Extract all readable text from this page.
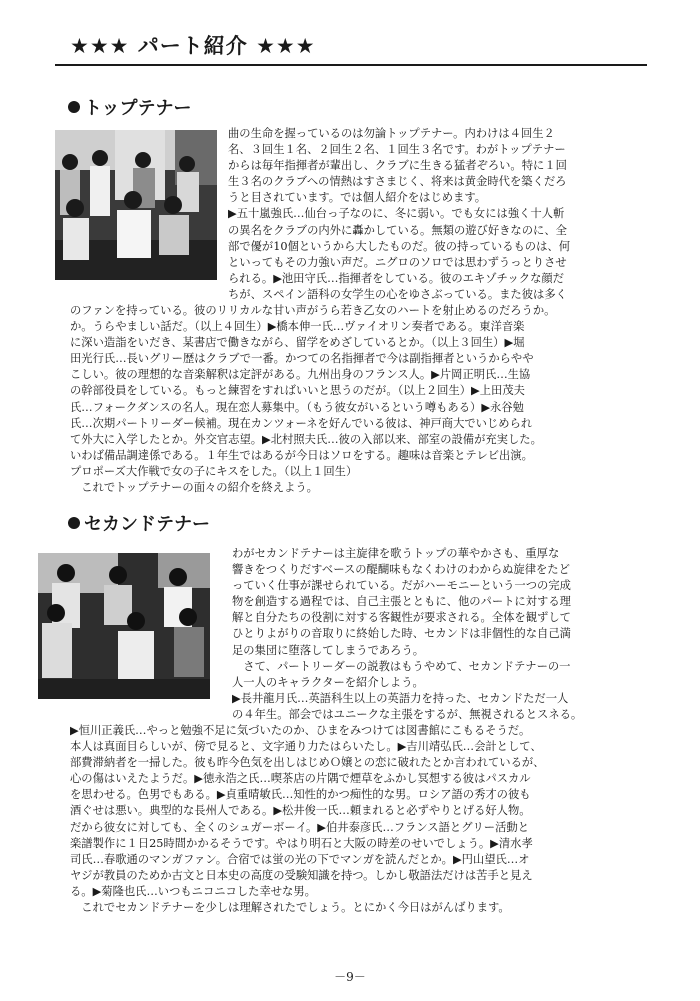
★★★ パート紹介 ★★★
トップテナー
曲の生命を握っているのは勿論トップテナー。内わけは４回生２
名、３回生１名、２回生２名、１回生３名です。わがトップテナー
からは毎年指揮者が輩出し、クラブに生きる猛者ぞろい。特に１回
生３名のクラブへの情熱はすさまじく、将来は黄金時代を築くだろ
うと目されています。では個人紹介をはじめます。
▶五十嵐強氏…仙台っ子なのに、冬に弱い。でも女には強く十人斬
の異名をクラブの内外に轟かしている。無類の遊び好きなのに、全
部で優が10個というから大したものだ。彼の持っているものは、何
といってもその力強い声だ。ニグロのソロでは思わずうっとりさせ
られる。▶池田守氏…指揮者をしている。彼のエキゾチックな顔だ
ちが、スペイン語科の女学生の心をゆさぶっている。また彼は多く
のファンを持っている。彼のリリカルな甘い声がうら若き乙女のハートを射止めるのだろうか。
か。うらやましい話だ。（以上４回生）▶橋本伸一氏…ヴァイオリン奏者である。東洋音楽
に深い造詣をいだき、某書店で働きながら、留学をめざしているとか。（以上３回生）▶堀
田光行氏…長いグリー歴はクラブで一番。かつての名指揮者で今は副指揮者というからやや
こしい。彼の理想的な音楽解釈は定評がある。九州出身のフランス人。▶片岡正明氏…生協
の幹部役員をしている。もっと練習をすればいいと思うのだが。（以上２回生）▶上田茂夫
氏…フォークダンスの名人。現在恋人募集中。（もう彼女がいるという噂もある）▶永谷勉
氏…次期パートリーダー候補。現在カンツォーネを好んでいる彼は、神戸商大でいじめられ
て外大に入学したとか。外交官志望。▶北村照夫氏…彼の入部以来、部室の設備が充実した。
いわば備品調達係である。１年生ではあるが今日はソロをする。趣味は音楽とテレビ出演。
プロポーズ大作戦で女の子にキスをした。（以上１回生）
　これでトップテナーの面々の紹介を終えよう。
セカンドテナー
わがセカンドテナーは主旋律を歌うトップの華やかさも、重厚な
響きをつくりだすベースの醍醐味もなくわけのわからぬ旋律をたど
っていく仕事が課せられている。だがハーモニーという一つの完成
物を創造する過程では、自己主張とともに、他のパートに対する理
解と自分たちの役割に対する客観性が要求される。全体を観ずして
ひとりよがりの音取りに終始した時、セカンドは非個性的な自己満
足の集団に堕落してしまうであろう。
　さて、パートリーダーの説教はもうやめて、セカンドテナーの一
人一人のキャラクターを紹介しよう。
▶長井龍月氏…英語科生以上の英語力を持った、セカンドただ一人
の４年生。部会ではユニークな主張をするが、無視されるとスネる。
▶恒川正義氏…やっと勉強不足に気づいたのか、ひまをみつけては図書館にこもるそうだ。
本人は真面目らしいが、傍で見ると、文字通り力たはらいたし。▶吉川靖弘氏…会計として、
部費滞納者を一掃した。彼も昨今色気を出しはじめＯ嬢との恋に破れたとか言われているが、
心の傷はいえたようだ。▶徳永浩之氏…喫茶店の片隅で煙草をふかし冥想する彼はパスカル
を思わせる。色男でもある。▶貞重晴敏氏…知性的かつ痴性的な男。ロシア語の秀才の彼も
酒ぐせは悪い。典型的な長州人である。▶松井俊一氏…頼まれると必ずやりとげる好人物。
だから彼女に対しても、全くのシュガーボーイ。▶伯井泰彦氏…フランス語とグリー活動と
楽譜製作に１日25時間かかるそうです。やはり明石と大阪の時差のせいでしょう。▶清水孝
司氏…春歌通のマンガファン。合宿では蛍の光の下でマンガを読んだとか。▶円山望氏…オ
ヤジが教員のためか古文と日本史の高度の受験知識を持つ。しかし敬語法だけは苦手と見え
る。▶菊隆也氏…いつもニコニコした幸せな男。
　これでセカンドテナーを少しは理解されたでしょう。とにかく今日はがんばります。
－9－
